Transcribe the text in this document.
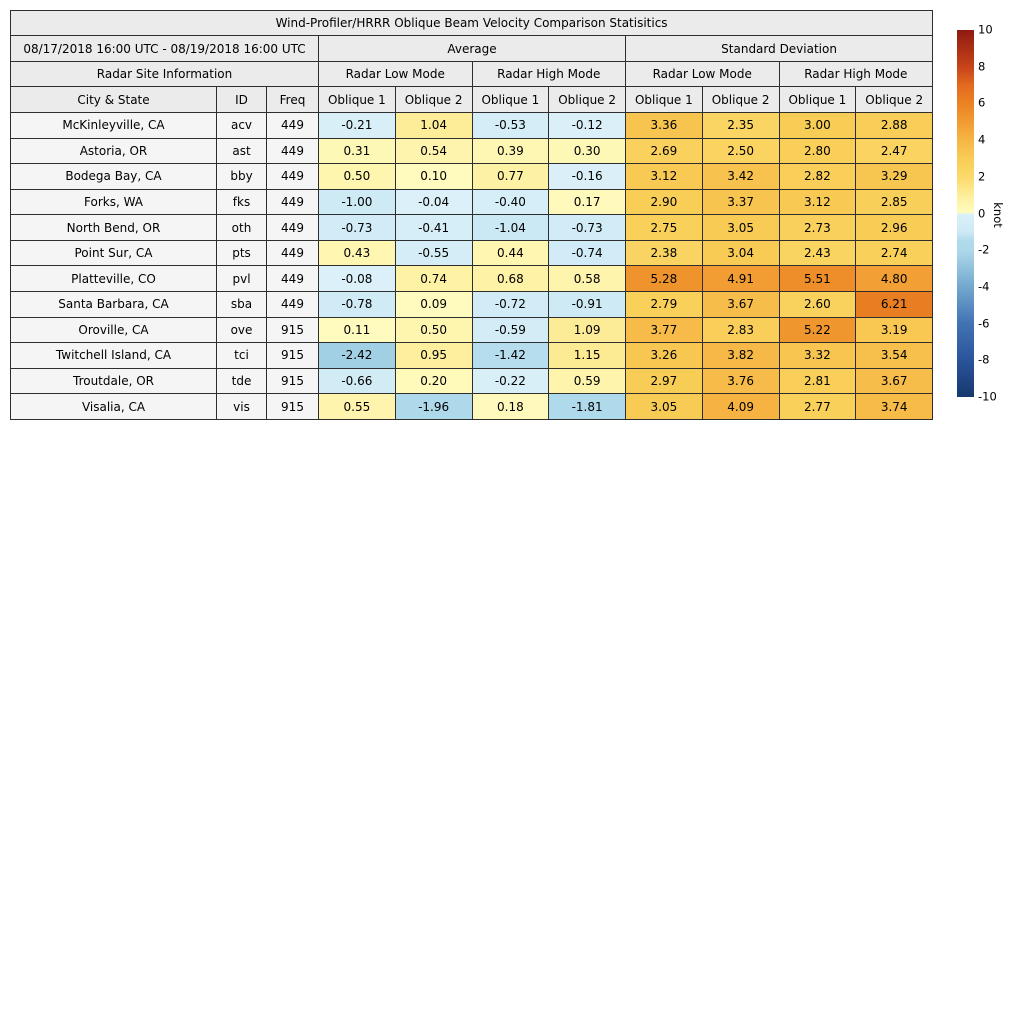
Wind-Profiler/HRRR Oblique Beam Velocity Comparison Statisitics										
08/17/2018 16:00 UTC - 08/19/2018 16:00 UTC			Average				Standard Deviation			
Radar Site Information			Radar Low Mode		Radar High Mode		Radar Low Mode		Radar High Mode	
City & State	ID	Freq	Oblique 1	Oblique 2	Oblique 1	Oblique 2	Oblique 1	Oblique 2	Oblique 1	Oblique 2
McKinleyville, CA	acv	449	-0.21	1.04	-0.53	-0.12	3.36	2.35	3.00	2.88
Astoria, OR	ast	449	0.31	0.54	0.39	0.30	2.69	2.50	2.80	2.47
Bodega Bay, CA	bby	449	0.50	0.10	0.77	-0.16	3.12	3.42	2.82	3.29
Forks, WA	fks	449	-1.00	-0.04	-0.40	0.17	2.90	3.37	3.12	2.85
North Bend, OR	oth	449	-0.73	-0.41	-1.04	-0.73	2.75	3.05	2.73	2.96
Point Sur, CA	pts	449	0.43	-0.55	0.44	-0.74	2.38	3.04	2.43	2.74
Platteville, CO	pvl	449	-0.08	0.74	0.68	0.58	5.28	4.91	5.51	4.80
Santa Barbara, CA	sba	449	-0.78	0.09	-0.72	-0.91	2.79	3.67	2.60	6.21
Oroville, CA	ove	915	0.11	0.50	-0.59	1.09	3.77	2.83	5.22	3.19
Twitchell Island, CA	tci	915	-2.42	0.95	-1.42	1.15	3.26	3.82	3.32	3.54
Troutdale, OR	tde	915	-0.66	0.20	-0.22	0.59	2.97	3.76	2.81	3.67
Visalia, CA	vis	915	0.55	-1.96	0.18	-1.81	3.05	4.09	2.77	3.74
knot
10
8
6
4
2
0
-2
-4
-6
-8
-10
